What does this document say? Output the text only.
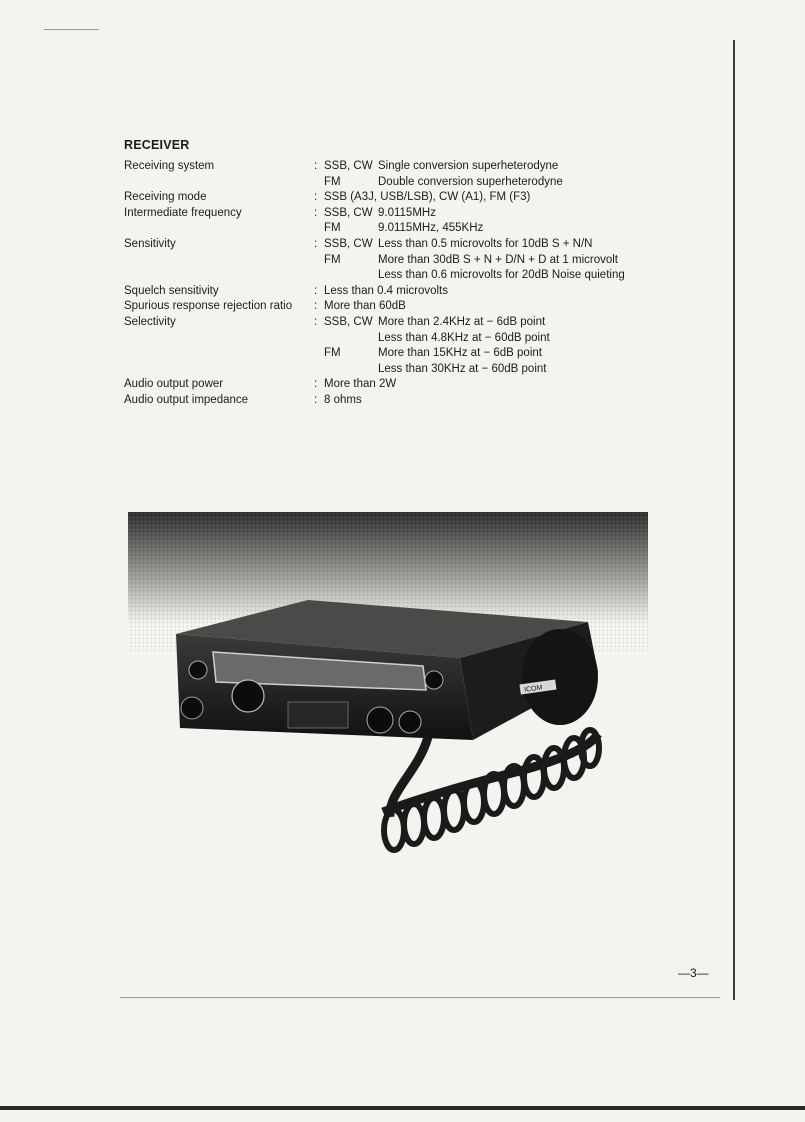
RECEIVER
Receiving system	: SSB, CW Single conversion superheterodyne
FM	Double conversion superheterodyne
Receiving mode	: SSB (A3J, USB/LSB), CW (A1), FM (F3)
Intermediate frequency	: SSB, CW 9.0115MHz
FM	9.0115MHz, 455KHz
Sensitivity	: SSB, CW Less than 0.5 microvolts for 10dB S + N/N
FM	More than 30dB S + N + D/N + D at 1 microvolt
Less than 0.6 microvolts for 20dB Noise quieting
Squelch sensitivity	: Less than 0.4 microvolts
Spurious response rejection ratio : More than 60dB
Selectivity	: SSB, CW More than 2.4KHz at − 6dB point
Less than 4.8KHz at − 60dB point
FM	More than 15KHz at − 6dB point
Less than 30KHz at − 60dB point
Audio output power	: More than 2W
Audio output impedance	: 8 ohms
ICOM
—3—
